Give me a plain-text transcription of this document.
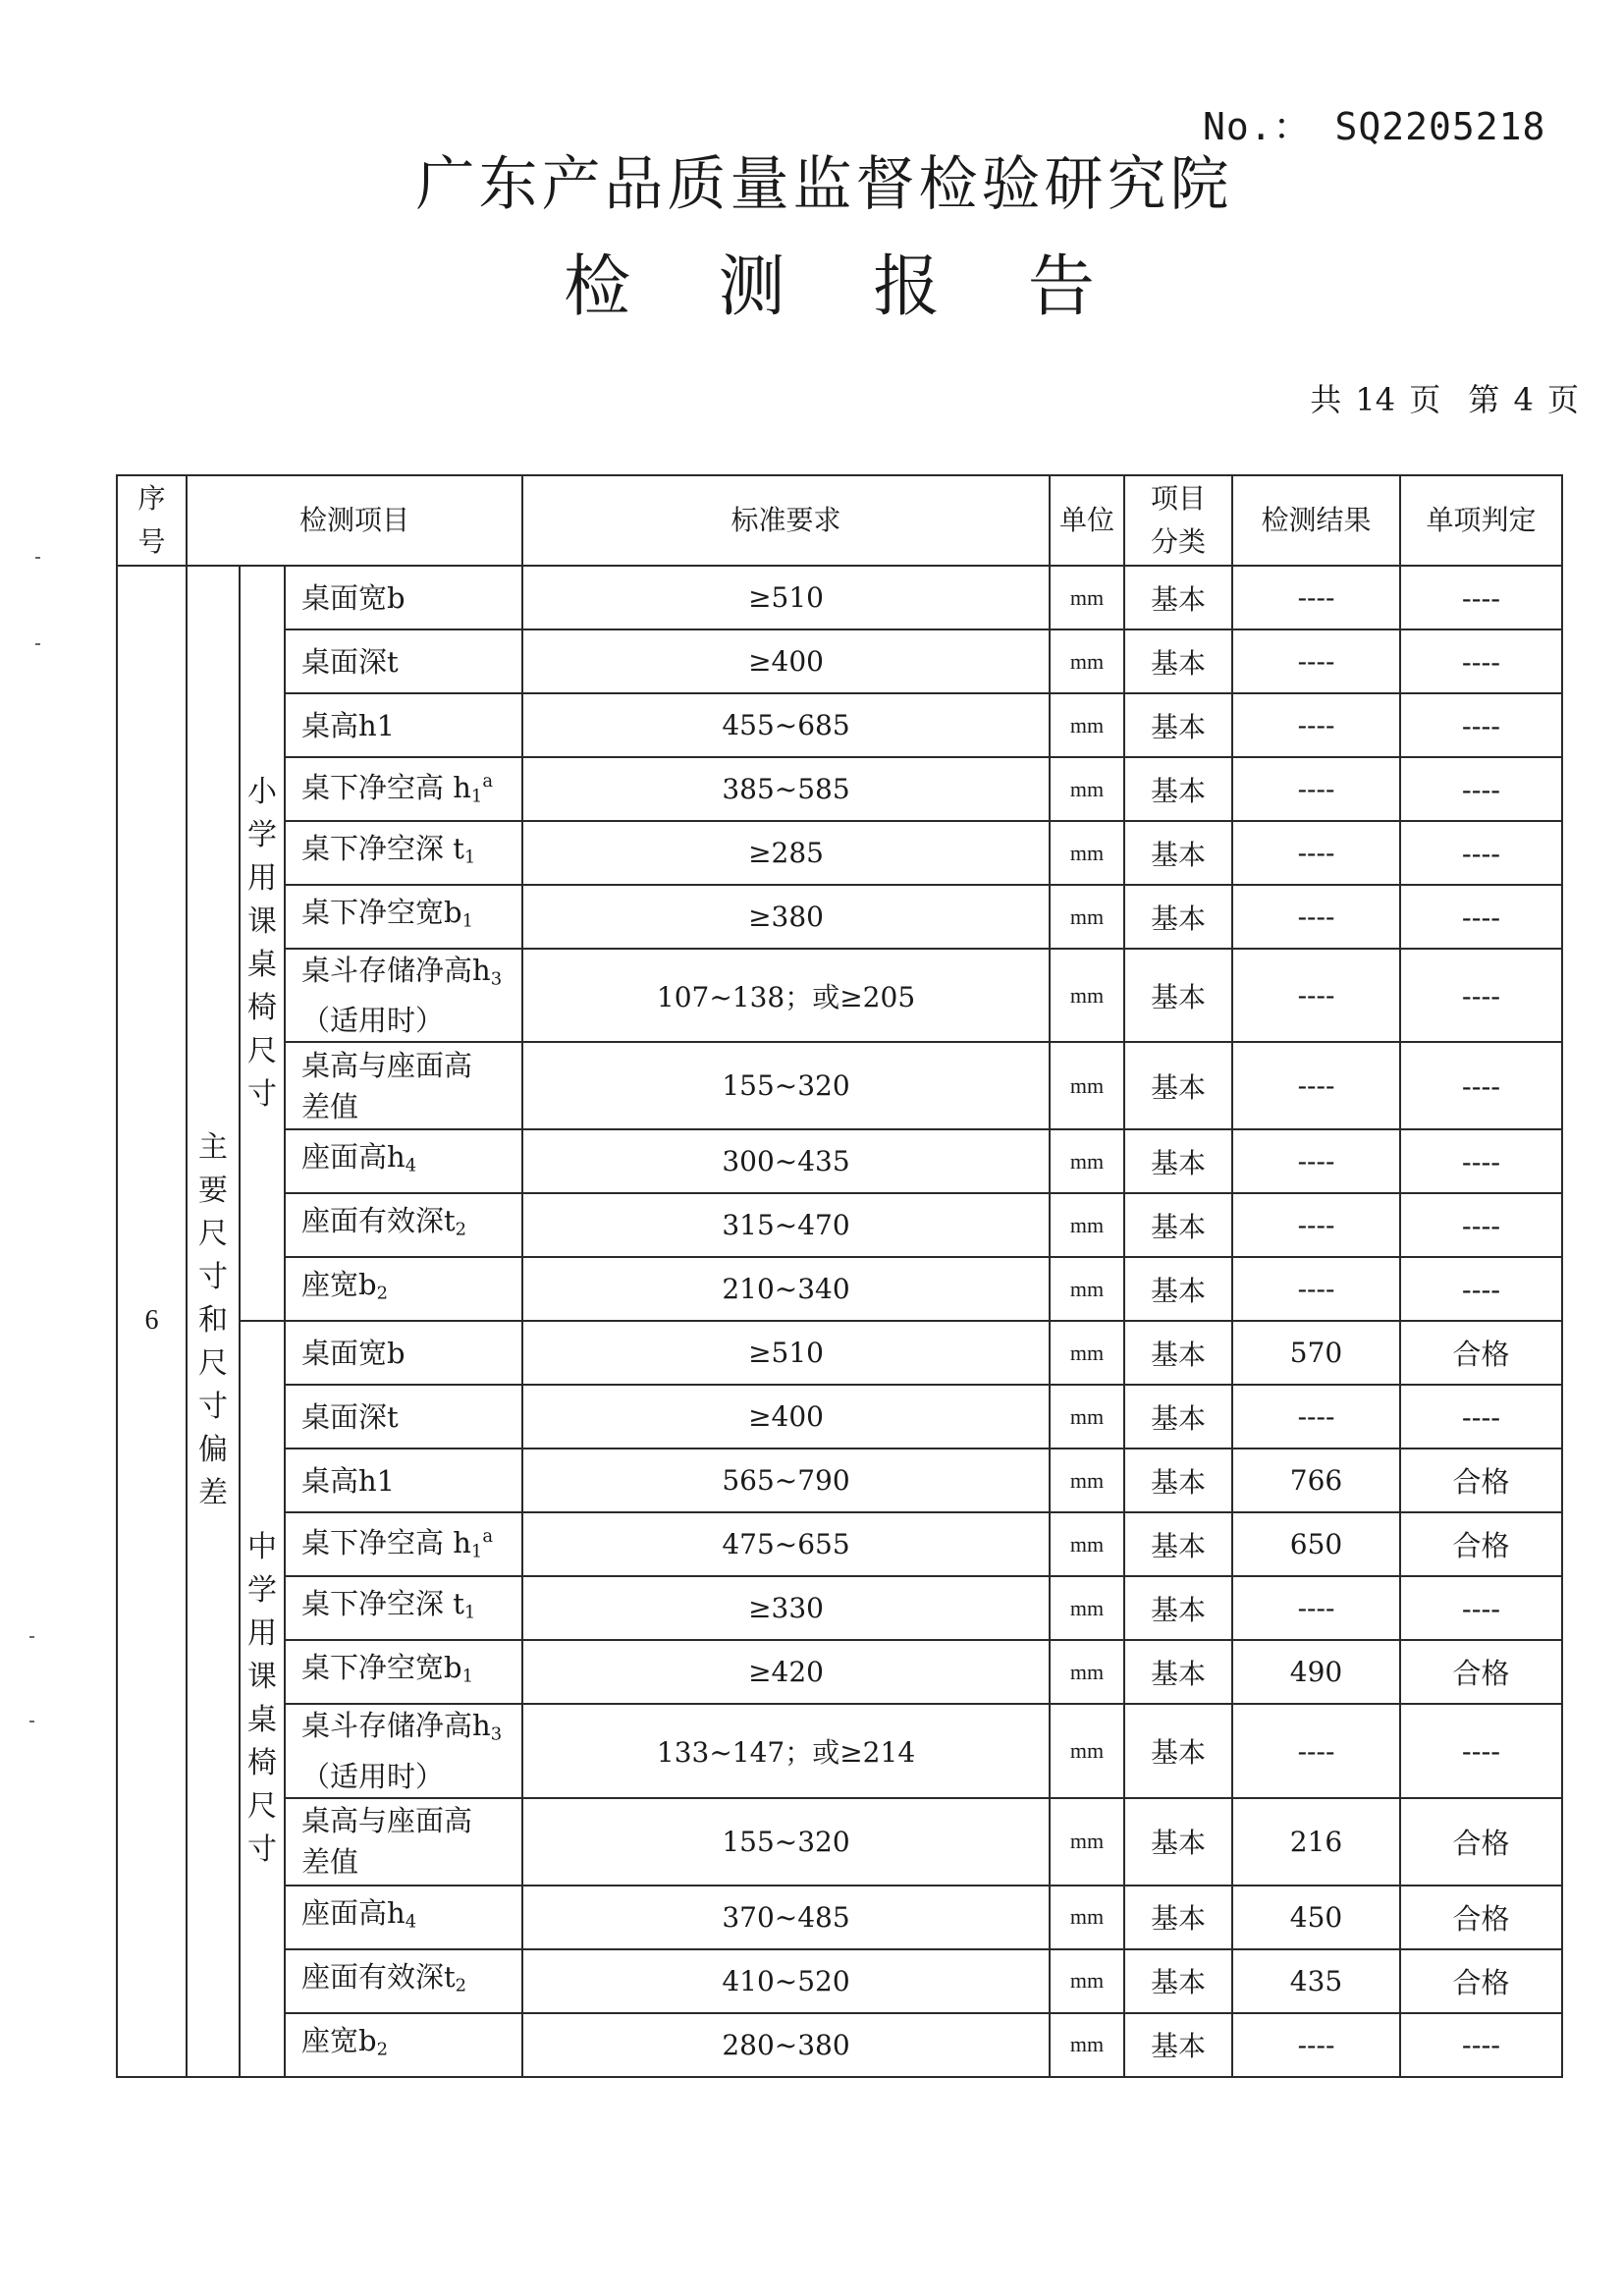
No.： SQ2205218
广东产品质量监督检验研究院
检 测 报 告
共 14 页 第 4 页
序号	检测项目			标准要求	单位	项目分类	检测结果	单项判定
6	主要尺寸和尺寸偏差	小学用课桌椅尺寸	桌面宽b	≥510	mm	基本	----	----
			桌面深t	≥400	mm	基本	----	----
			桌高h1	455~685	mm	基本	----	----
			桌下净空高 $h_1^a$	385~585	mm	基本	----	----
			桌下净空深 $t_1$	≥285	mm	基本	----	----
			桌下净空宽$b_1$	≥380	mm	基本	----	----
			桌斗存储净高$h_3$
（适用时）	107~138；或≥205	mm	基本	----	----
			桌高与座面高
差值	155~320	mm	基本	----	----
			座面高$h_4$	300~435	mm	基本	----	----
			座面有效深$t_2$	315~470	mm	基本	----	----
			座宽$b_2$	210~340	mm	基本	----	----
		中学用课桌椅尺寸	桌面宽b	≥510	mm	基本	570	合格
			桌面深t	≥400	mm	基本	----	----
			桌高h1	565~790	mm	基本	766	合格
			桌下净空高 $h_1^a$	475~655	mm	基本	650	合格
			桌下净空深 $t_1$	≥330	mm	基本	----	----
			桌下净空宽$b_1$	≥420	mm	基本	490	合格
			桌斗存储净高$h_3$
（适用时）	133~147；或≥214	mm	基本	----	----
			桌高与座面高
差值	155~320	mm	基本	216	合格
			座面高$h_4$	370~485	mm	基本	450	合格
			座面有效深$t_2$	410~520	mm	基本	435	合格
			座宽$b_2$	280~380	mm	基本	----	----
